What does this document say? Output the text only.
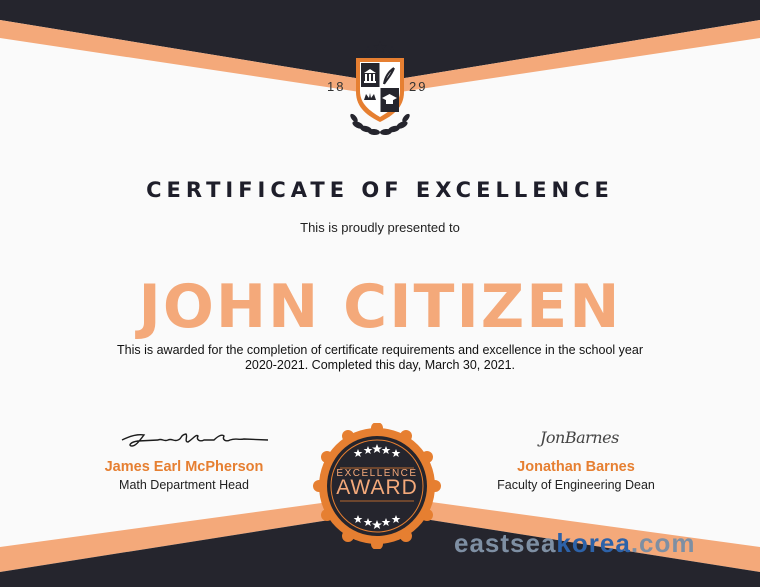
18	29
CERTIFICATE OF EXCELLENCE
This is proudly presented to
JOHN CITIZEN
This is awarded for the completion of certificate requirements and excellence in the school year 2020-2021. Completed this day, March 30, 2021.
JonBarnes
James Earl McPherson
Math Department Head
Jonathan Barnes
Faculty of Engineering Dean
EXCELLENCE
AWARD
eastseakorea.com
